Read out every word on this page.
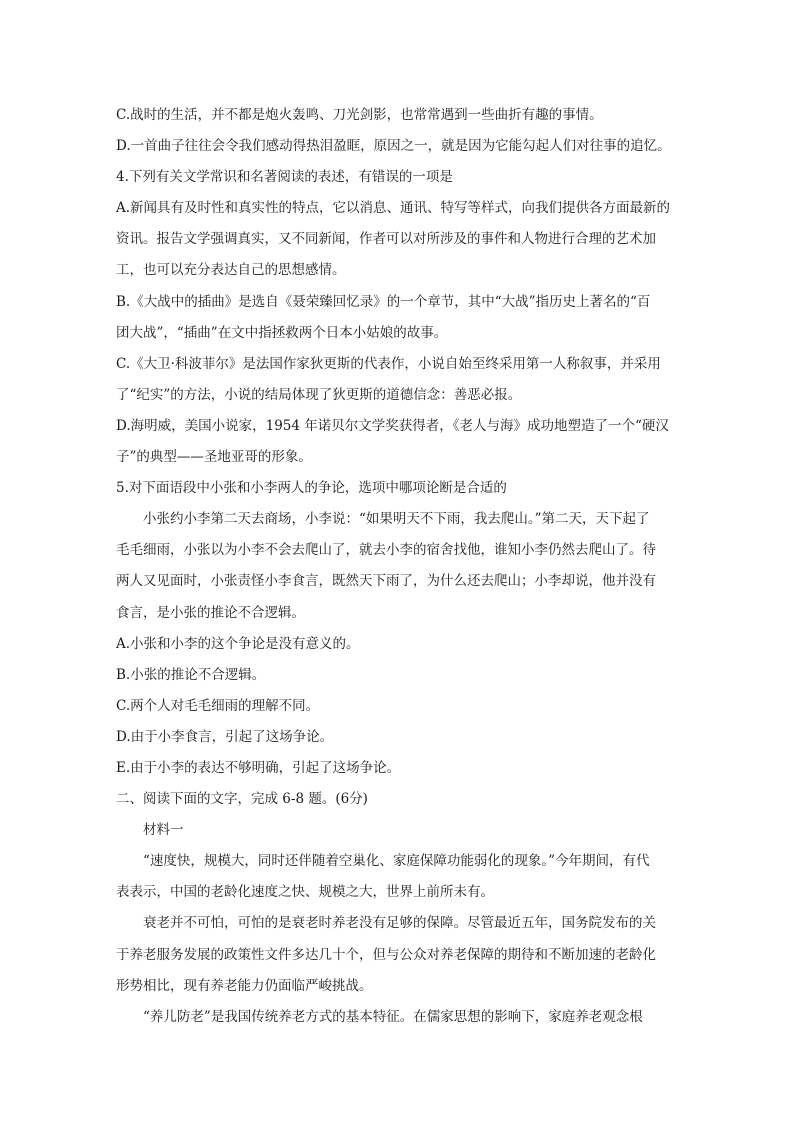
C.战时的生活，并不都是炮火轰鸣、刀光剑影，也常常遇到一些曲折有趣的事情。
D.一首曲子往往会令我们感动得热泪盈眶，原因之一，就是因为它能勾起人们对往事的追忆。
4.下列有关文学常识和名著阅读的表述，有错误的一项是
A.新闻具有及时性和真实性的特点，它以消息、通讯、特写等样式，向我们提供各方面最新的
资讯。报告文学强调真实，又不同新闻，作者可以对所涉及的事件和人物进行合理的艺术加
工，也可以充分表达自己的思想感情。
B.《大战中的插曲》是选自《聂荣臻回忆录》的一个章节，其中“大战”指历史上著名的“百
团大战”，“插曲”在文中指拯救两个日本小姑娘的故事。
C.《大卫·科波菲尔》是法国作家狄更斯的代表作，小说自始至终采用第一人称叙事，并采用
了“纪实”的方法，小说的结局体现了狄更斯的道德信念：善恶必报。
D.海明威，美国小说家，1954 年诺贝尔文学奖获得者，《老人与海》成功地塑造了一个“硬汉
子”的典型——圣地亚哥的形象。
5.对下面语段中小张和小李两人的争论，选项中哪项论断是合适的
小张约小李第二天去商场，小李说：“如果明天不下雨，我去爬山。”第二天，天下起了
毛毛细雨，小张以为小李不会去爬山了，就去小李的宿舍找他，谁知小李仍然去爬山了。待
两人又见面时，小张责怪小李食言，既然天下雨了，为什么还去爬山；小李却说，他并没有
食言，是小张的推论不合逻辑。
A.小张和小李的这个争论是没有意义的。
B.小张的推论不合逻辑。
C.两个人对毛毛细雨的理解不同。
D.由于小李食言，引起了这场争论。
E.由于小李的表达不够明确，引起了这场争论。
二、阅读下面的文字，完成 6-8 题。(6分)
材料一
“速度快，规模大，同时还伴随着空巢化、家庭保障功能弱化的现象。”今年期间，有代
表表示，中国的老龄化速度之快、规模之大，世界上前所未有。
衰老并不可怕，可怕的是衰老时养老没有足够的保障。尽管最近五年，国务院发布的关
于养老服务发展的政策性文件多达几十个，但与公众对养老保障的期待和不断加速的老龄化
形势相比，现有养老能力仍面临严峻挑战。
“养儿防老”是我国传统养老方式的基本特征。在儒家思想的影响下，家庭养老观念根
